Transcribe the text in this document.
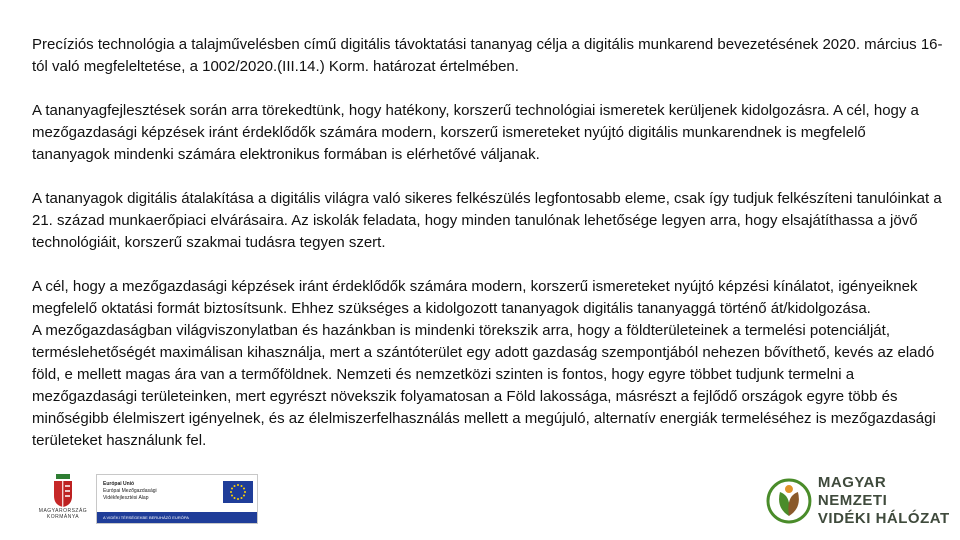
Precíziós technológia a talajművelésben című digitális távoktatási tananyag célja a digitális munkarend bevezetésének 2020. március 16-tól való megfeleltetése, a 1002/2020.(III.14.) Korm. határozat értelmében.

A tananyagfejlesztések során arra törekedtünk, hogy hatékony, korszerű technológiai ismeretek kerüljenek kidolgozásra. A cél, hogy a mezőgazdasági képzések iránt érdeklődők számára modern, korszerű ismereteket nyújtó digitális munkarendnek is megfelelő tananyagok mindenki számára elektronikus formában is elérhetővé váljanak.

A tananyagok digitális átalakítása a digitális világra való sikeres felkészülés legfontosabb eleme, csak így tudjuk felkészíteni tanulóinkat a 21. század munkaerőpiaci elvárásaira. Az iskolák feladata, hogy minden tanulónak lehetősége legyen arra, hogy elsajátíthassa a jövő technológiáit, korszerű szakmai tudásra tegyen szert.

A cél, hogy a mezőgazdasági képzések iránt érdeklődők számára modern, korszerű ismereteket nyújtó képzési kínálatot, igényeiknek megfelelő oktatási formát biztosítsunk. Ehhez szükséges a kidolgozott tananyagok digitális tananyaggá történő át/kidolgozása.

A mezőgazdaságban világviszonylatban és hazánkban is mindenki törekszik arra, hogy a földterületeinek a termelési potenciálját, terméslehetőségét maximálisan kihasználja, mert a szántóterület egy adott gazdaság szempontjából nehezen bővíthető, kevés az eladó föld, e mellett magas ára van a termőföldnek. Nemzeti és nemzetközi szinten is fontos, hogy egyre többet tudjunk termelni a mezőgazdasági területeinken, mert egyrészt növekszik folyamatosan a Föld lakossága, másrészt a fejlődő országok egyre több és minőségibb élelmiszert igényelnek, és az élelmiszerfelhasználás mellett a megújuló, alternatív energiák termeléséhez is mezőgazdasági területeket használunk fel.

MAGYARORSZÁG
KORMÁNYA
Európai Unió
Európai Mezőgazdasági
Vidékfejlesztési Alap
A VIDÉKI TÉRSÉGEKBE BERUHÁZÓ EURÓPA
MAGYAR NEMZETI
VIDÉKI HÁLÓZAT
